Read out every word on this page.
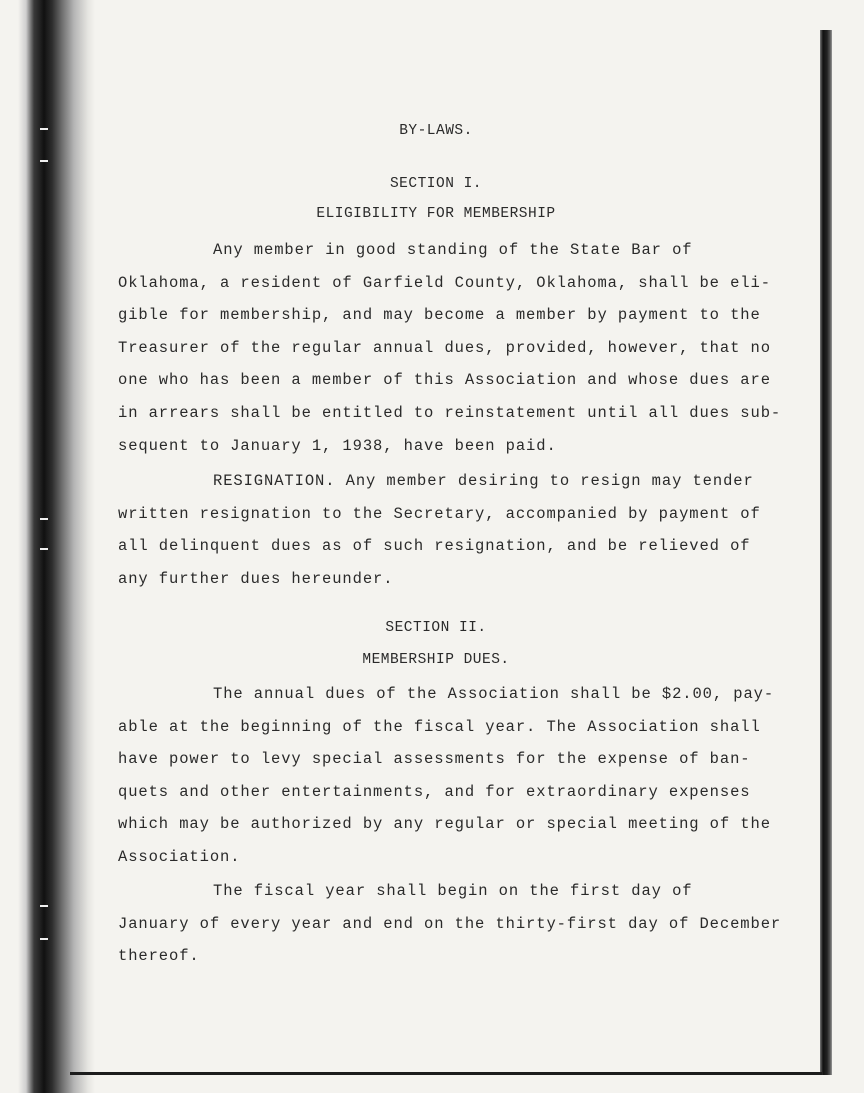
BY-LAWS.
SECTION I.
ELIGIBILITY FOR MEMBERSHIP
Any member in good standing of the State Bar of
Oklahoma, a resident of Garfield County, Oklahoma, shall be eli-
gible for membership, and may become a member by payment to the
Treasurer of the regular annual dues, provided, however, that no
one who has been a member of this Association and whose dues are
in arrears shall be entitled to reinstatement until all dues sub-
sequent to January 1, 1938, have been paid.
RESIGNATION. Any member desiring to resign may tender
written resignation to the Secretary, accompanied by payment of
all delinquent dues as of such resignation, and be relieved of
any further dues hereunder.
SECTION II.
MEMBERSHIP DUES.
The annual dues of the Association shall be $2.00, pay-
able at the beginning of the fiscal year. The Association shall
have power to levy special assessments for the expense of ban-
quets and other entertainments, and for extraordinary expenses
which may be authorized by any regular or special meeting of the
Association.
The fiscal year shall begin on the first day of
January of every year and end on the thirty-first day of December
thereof.
